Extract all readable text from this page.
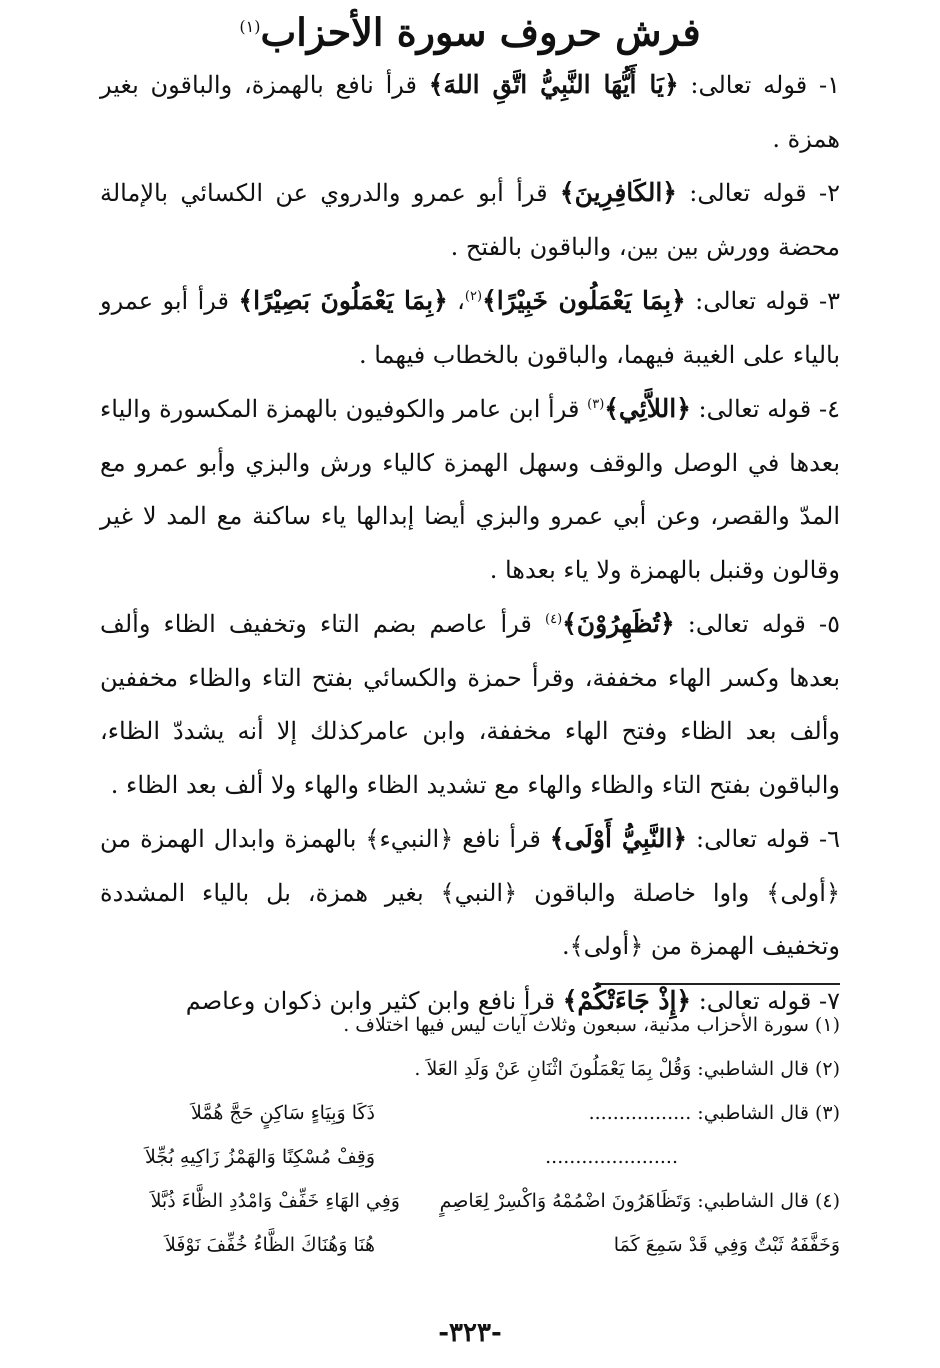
فرش حروف سورة الأحزاب$^{(١)}$

١- قوله تعالى: ﴿يَا أَيُّهَا النَّبِيُّ اتَّقِ اللهَ﴾ قرأ نافع بالهمزة، والباقون بغير همزة .

٢- قوله تعالى: ﴿الكَافِرِينَ﴾ قرأ أبو عمرو والدروي عن الكسائي بالإمالة محضة وورش بين بين، والباقون بالفتح .

٣- قوله تعالى: ﴿بِمَا يَعْمَلُون خَبِيْرًا﴾$^{(٢)}$، ﴿بِمَا يَعْمَلُونَ بَصِيْرًا﴾ قرأ أبو عمرو بالياء على الغيبة فيهما، والباقون بالخطاب فيهما .

٤- قوله تعالى: ﴿اللاَّئِي﴾$^{(٣)}$ قرأ ابن عامر والكوفيون بالهمزة المكسورة والياء بعدها في الوصل والوقف وسهل الهمزة كالياء ورش والبزي وأبو عمرو مع المدّ والقصر، وعن أبي عمرو والبزي أيضا إبدالها ياء ساكنة مع المد لا غير وقالون وقنبل بالهمزة ولا ياء بعدها .

٥- قوله تعالى: ﴿تُظَهِرُوْنَ﴾$^{(٤)}$ قرأ عاصم بضم التاء وتخفيف الظاء وألف بعدها وكسر الهاء مخففة، وقرأ حمزة والكسائي بفتح التاء والظاء مخففين وألف بعد الظاء وفتح الهاء مخففة، وابن عامركذلك إلا أنه يشددّ الظاء، والباقون بفتح التاء والظاء والهاء مع تشديد الظاء والهاء ولا ألف بعد الظاء .

٦- قوله تعالى: ﴿النَّبِيُّ أَوْلَى﴾ قرأ نافع ﴿النبيء﴾ بالهمزة وابدال الهمزة من ﴿أولى﴾ واوا خاصلة والباقون ﴿النبي﴾ بغير همزة، بل بالياء المشددة وتخفيف الهمزة من ﴿أولى﴾.

٧- قوله تعالى: ﴿إِذْ جَاءَتْكُمْ﴾ قرأ نافع وابن كثير وابن ذكوان وعاصم

(١) سورة الأحزاب مدنية، سبعون وثلاث آيات ليس فيها اختلاف .

(٢) قال الشاطبي: وَقُلْ بِمَا يَعْمَلُونَ اثْنَانِ عَنْ وَلَدِ العَلاَ .

(٣) قال الشاطبي: .................
ذَكَا وَبِيَاءٍ سَاكِنٍ حَجَّ هُمَّلاَ
......................
وَقِفْ مُسْكِنًا وَالهَمْزُ زَاكِيهِ بُجِّلاَ
(٤) قال الشاطبي: وَتَظَاهَرُونَ اضْمُمْهُ وَاكْسِرْ لِعَاصِمٍ
وَفِي الهَاءِ خَفِّفْ وَامْدُدِ الظَّاءَ ذُبَّلاَ
وَخَفَّفَهُ ثَبْتٌ وَفِي قَدْ سَمِعَ كَمَا
هُنَا وَهُنَاكَ الظَّاءُ خُفِّفَ نَوْفَلاَ
-٣٢٣-
